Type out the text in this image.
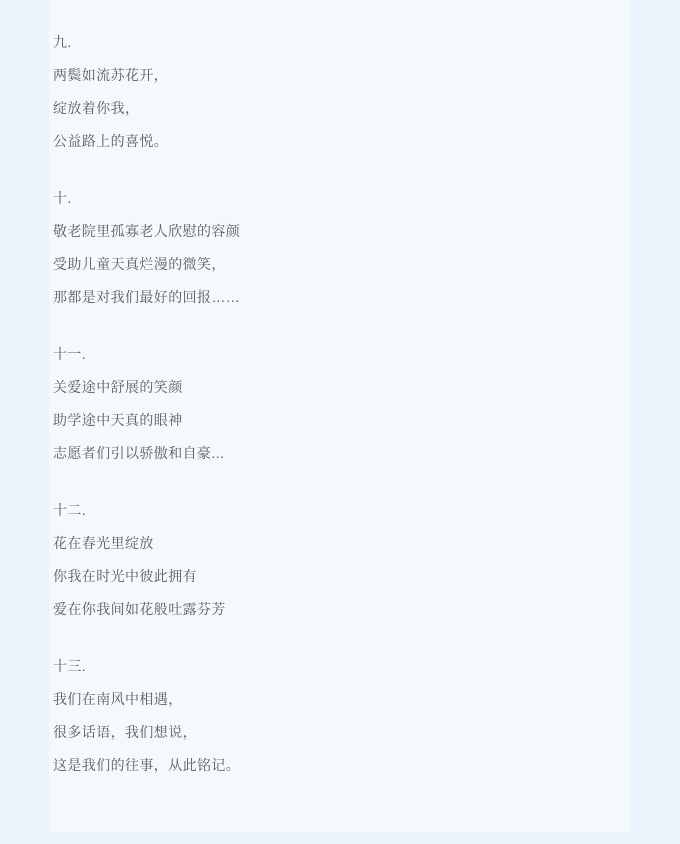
九.
两鬓如流苏花开，
绽放着你我，
公益路上的喜悦。
十.
敬老院里孤寡老人欣慰的容颜
受助儿童天真烂漫的微笑，
那都是对我们最好的回报……
十一.
关爱途中舒展的笑颜
助学途中天真的眼神
志愿者们引以骄傲和自豪...
十二.
花在春光里绽放
你我在时光中彼此拥有
爱在你我间如花般吐露芬芳
十三.
我们在南风中相遇，
很多话语，我们想说，
这是我们的往事，从此铭记。
